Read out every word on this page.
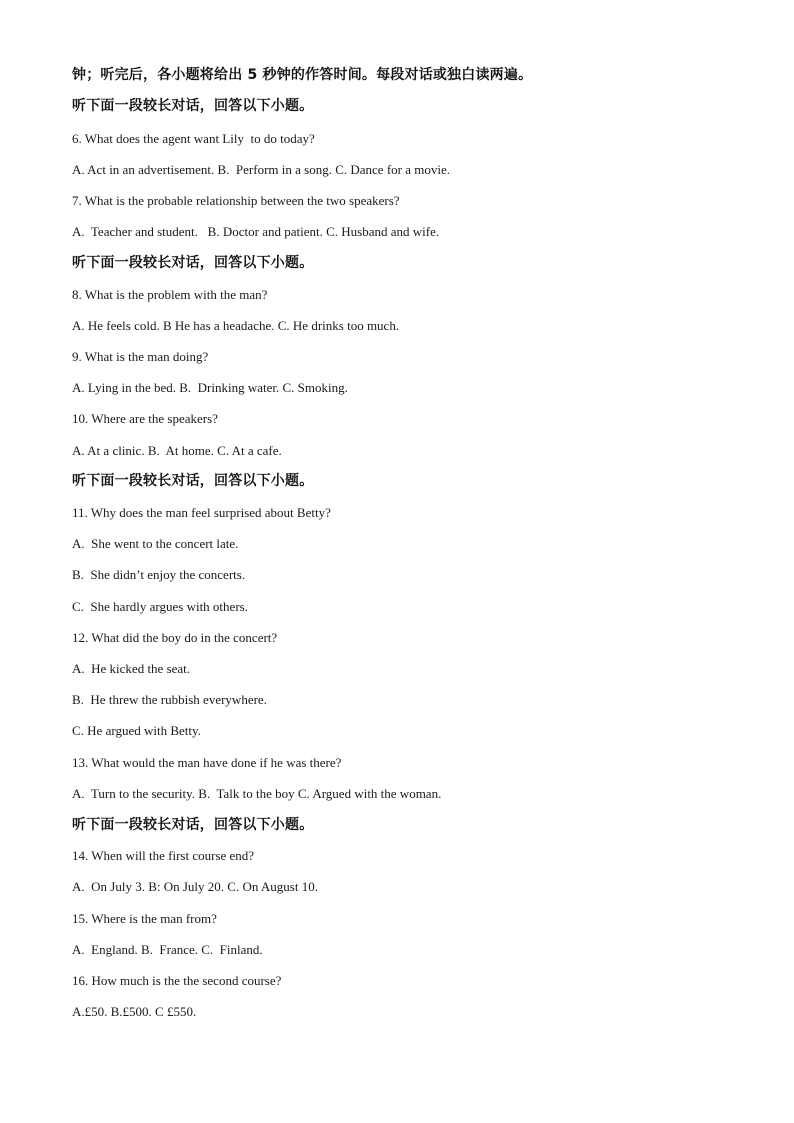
钟；听完后，各小题将给出 5 秒钟的作答时间。每段对话或独白读两遍。
听下面一段较长对话，回答以下小题。
6. What does the agent want Lily  to do today?
A. Act in an advertisement. B.  Perform in a song. C. Dance for a movie.
7. What is the probable relationship between the two speakers?
A.  Teacher and student.   B. Doctor and patient. C. Husband and wife.
听下面一段较长对话，回答以下小题。
8. What is the problem with the man?
A. He feels cold. B He has a headache. C. He drinks too much.
9. What is the man doing?
A. Lying in the bed. B.  Drinking water. C. Smoking.
10. Where are the speakers?
A. At a clinic. B.  At home. C. At a cafe.
听下面一段较长对话，回答以下小题。
11. Why does the man feel surprised about Betty?
A.  She went to the concert late.
B.  She didn’t enjoy the concerts.
C.  She hardly argues with others.
12. What did the boy do in the concert?
A.  He kicked the seat.
B.  He threw the rubbish everywhere.
C. He argued with Betty.
13. What would the man have done if he was there?
A.  Turn to the security. B.  Talk to the boy C. Argued with the woman.
听下面一段较长对话，回答以下小题。
14. When will the first course end?
A.  On July 3. B: On July 20. C. On August 10.
15. Where is the man from?
A.  England. B.  France. C.  Finland.
16. How much is the the second course?
A.£50. B.£500. C £550.
